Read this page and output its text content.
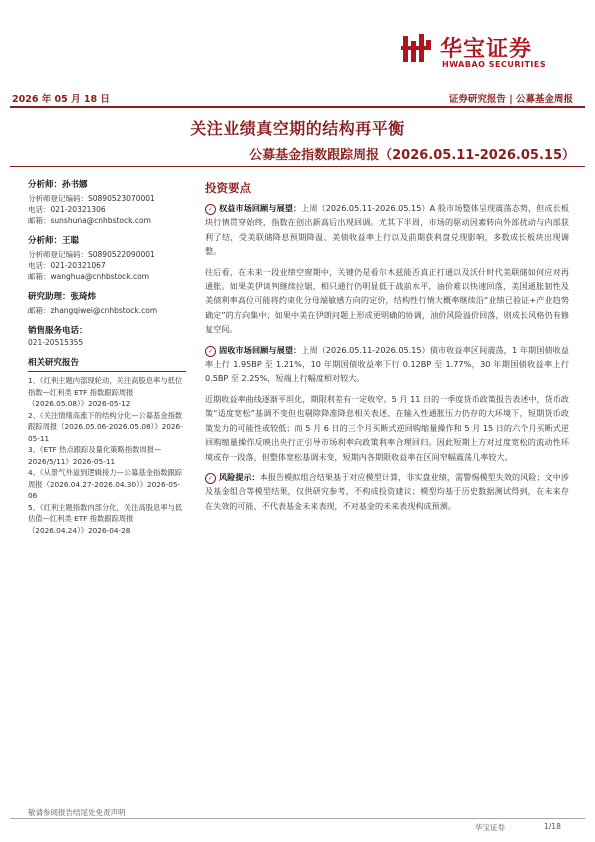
华宝证券
HWABAO SECURITIES
2026 年 05 月 18 日	证券研究报告 | 公募基金周报
关注业绩真空期的结构再平衡
公募基金指数跟踪周报（2026.05.11-2026.05.15）
分析师：孙书娜
分析师登记编码：S0890523070001
电话：021-20321306
邮箱：sunshuna@cnhbstock.com
分析师：王聪
分析师登记编码：S0890522090001
电话：021-20321067
邮箱：wanghua@cnhbstock.com
研究助理：张琦炜
邮箱：zhangqiwei@cnhbstock.com
销售服务电话：
021-20515355
相关研究报告
1、《红利主题内部现轮动，关注高股息率与低位指数—红利类 ETF 指数跟踪周报（2026.05.08）》2026-05-12
2、《关注情绪高涨下的结构分化—公募基金指数跟踪周报（2026.05.06-2026.05.08）》2026-05-11
3、《ETF 热点跟踪及量化策略指数周报—2026/5/11》2026-05-11
4、《从景气外溢到逻辑接力—公募基金指数跟踪周报（2026.04.27-2026.04.30）》2026-05-06
5、《红利主题指数内部分化，关注高股息率与低估值—红利类 ETF 指数跟踪周报（2026.04.24）》2026-04-28
投资要点

✓ 权益市场回顾与展望：上周（2026.05.11-2026.05.15）A 股市场整体呈现震荡态势，但成长板块行情贯穿始终，指数在创出新高后出现回调。尤其下半周，市场的驱动因素转向外部扰动与内部获利了结，受美联储降息预期降温、美债收益率上行以及前期获利盘兑现影响，多数成长板块出现调整。

往后看，在未来一段业绩空窗期中，关键仍是看尔木兹能否真正打通以及沃什时代美联储如何应对再通胀。如果美伊谈判继续拉锯，相只通行仍明显低于战前水平，油价难以快速回落，美国通胀韧性及美债利率高位可能将约束化分母端敏感方向的定价，结构性行情大概率继续沿“业绩已验证+产业趋势确定”的方向集中；如果中美在伊朗问题上形成更明确的协调，油价风险溢价回落，则成长风格仍有修复空间。

✓ 固收市场回顾与展望：上周（2026.05.11-2026.05.15）债市收益率区间震荡，1 年期国债收益率上行 1.95BP 至 1.21%，10 年期国债收益率下行 0.12BP 至 1.77%，30 年期国债收益率上行 0.5BP 至 2.25%，短端上行幅度相对较大。

近期收益率曲线逐渐平坦化，期限利差有一定收窄。5 月 11 日的一季度货币政策报告表述中，货币政策“适度宽松”基调不变但也剔除降准降息相关表述，在输入性通胀压力仍存的大环境下，短期货币政策发力的可能性或较低；而 5 月 6 日的三个月买断式逆回购缩量操作和 5 月 15 日的六个月买断式逆回购缩量操作反映出央行正引导市场利率向政策利率合理回归。因此短期上方对过度宽松的流动性环境或存一段落，但整体宽松基调未变，短期内各期限收益率在区间窄幅震荡几率较大。

✓ 风险提示：本报告模拟组合结果基于对应模型计算，非实盘业绩，需警惕模型失效的风险；文中涉及基金组合等模型结果，仅供研究参考，不构成投资建议；模型均基于历史数据测试得到，在未来存在失效的可能，不代表基金未来表现，不对基金的未来表现构成预测。

敬请参阅报告结尾处免责声明
华宝证券	1/18
